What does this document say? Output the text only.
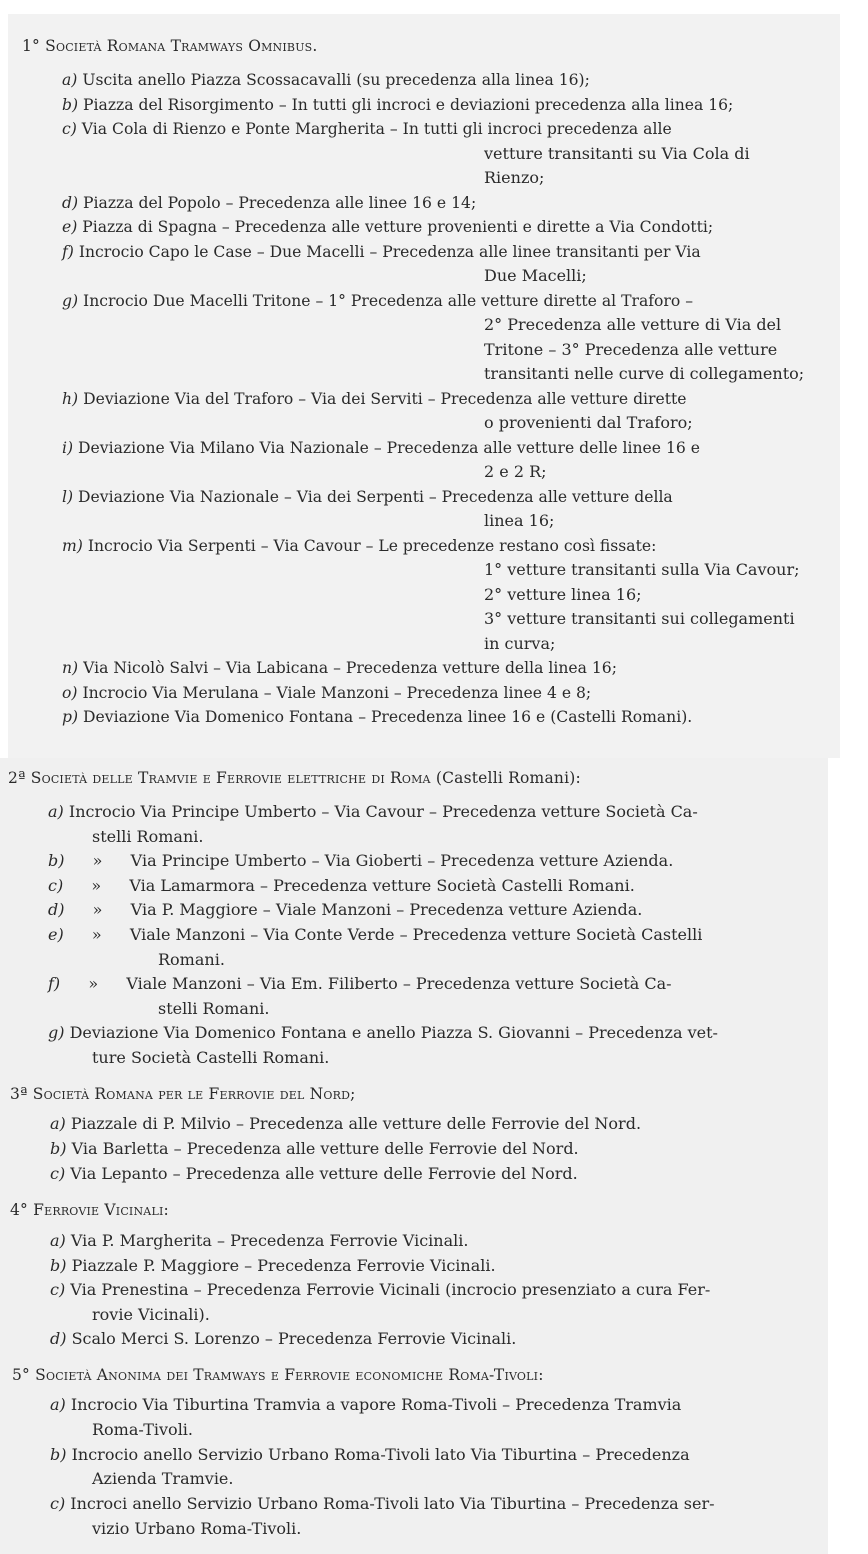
1° Società Romana Tramways Omnibus.
a) Uscita anello Piazza Scossacavalli (su precedenza alla linea 16);
b) Piazza del Risorgimento – In tutti gli incroci e deviazioni precedenza alla linea 16;
c) Via Cola di Rienzo e Ponte Margherita – In tutti gli incroci precedenza alle
vetture transitanti su Via Cola di
Rienzo;
d) Piazza del Popolo – Precedenza alle linee 16 e 14;
e) Piazza di Spagna – Precedenza alle vetture provenienti e dirette a Via Condotti;
f) Incrocio Capo le Case – Due Macelli – Precedenza alle linee transitanti per Via
Due Macelli;
g) Incrocio Due Macelli Tritone – 1° Precedenza alle vetture dirette al Traforo –
2° Precedenza alle vetture di Via del
Tritone – 3° Precedenza alle vetture
transitanti nelle curve di collegamento;
h) Deviazione Via del Traforo – Via dei Serviti – Precedenza alle vetture dirette
o provenienti dal Traforo;
i) Deviazione Via Milano Via Nazionale – Precedenza alle vetture delle linee 16 e
2 e 2 R;
l) Deviazione Via Nazionale – Via dei Serpenti – Precedenza alle vetture della
linea 16;
m) Incrocio Via Serpenti – Via Cavour – Le precedenze restano così fissate:
1° vetture transitanti sulla Via Cavour;
2° vetture linea 16;
3° vetture transitanti sui collegamenti
in curva;
n) Via Nicolò Salvi – Via Labicana – Precedenza vetture della linea 16;
o) Incrocio Via Merulana – Viale Manzoni – Precedenza linee 4 e 8;
p) Deviazione Via Domenico Fontana – Precedenza linee 16 e (Castelli Romani).
2ª Società delle Tramvie e Ferrovie elettriche di Roma (Castelli Romani):
a) Incrocio Via Principe Umberto – Via Cavour – Precedenza vetture Società Ca-
stelli Romani.
b) » Via Principe Umberto – Via Gioberti – Precedenza vetture Azienda.
c) » Via Lamarmora – Precedenza vetture Società Castelli Romani.
d) » Via P. Maggiore – Viale Manzoni – Precedenza vetture Azienda.
e) » Viale Manzoni – Via Conte Verde – Precedenza vetture Società Castelli
Romani.
f) » Viale Manzoni – Via Em. Filiberto – Precedenza vetture Società Ca-
stelli Romani.
g) Deviazione Via Domenico Fontana e anello Piazza S. Giovanni – Precedenza vet-
ture Società Castelli Romani.
3ª Società Romana per le Ferrovie del Nord;
a) Piazzale di P. Milvio – Precedenza alle vetture delle Ferrovie del Nord.
b) Via Barletta – Precedenza alle vetture delle Ferrovie del Nord.
c) Via Lepanto – Precedenza alle vetture delle Ferrovie del Nord.
4° Ferrovie Vicinali:
a) Via P. Margherita – Precedenza Ferrovie Vicinali.
b) Piazzale P. Maggiore – Precedenza Ferrovie Vicinali.
c) Via Prenestina – Precedenza Ferrovie Vicinali (incrocio presenziato a cura Fer-
rovie Vicinali).
d) Scalo Merci S. Lorenzo – Precedenza Ferrovie Vicinali.
5° Società Anonima dei Tramways e Ferrovie economiche Roma-Tivoli:
a) Incrocio Via Tiburtina Tramvia a vapore Roma-Tivoli – Precedenza Tramvia
Roma-Tivoli.
b) Incrocio anello Servizio Urbano Roma-Tivoli lato Via Tiburtina – Precedenza
Azienda Tramvie.
c) Incroci anello Servizio Urbano Roma-Tivoli lato Via Tiburtina – Precedenza ser-
vizio Urbano Roma-Tivoli.
